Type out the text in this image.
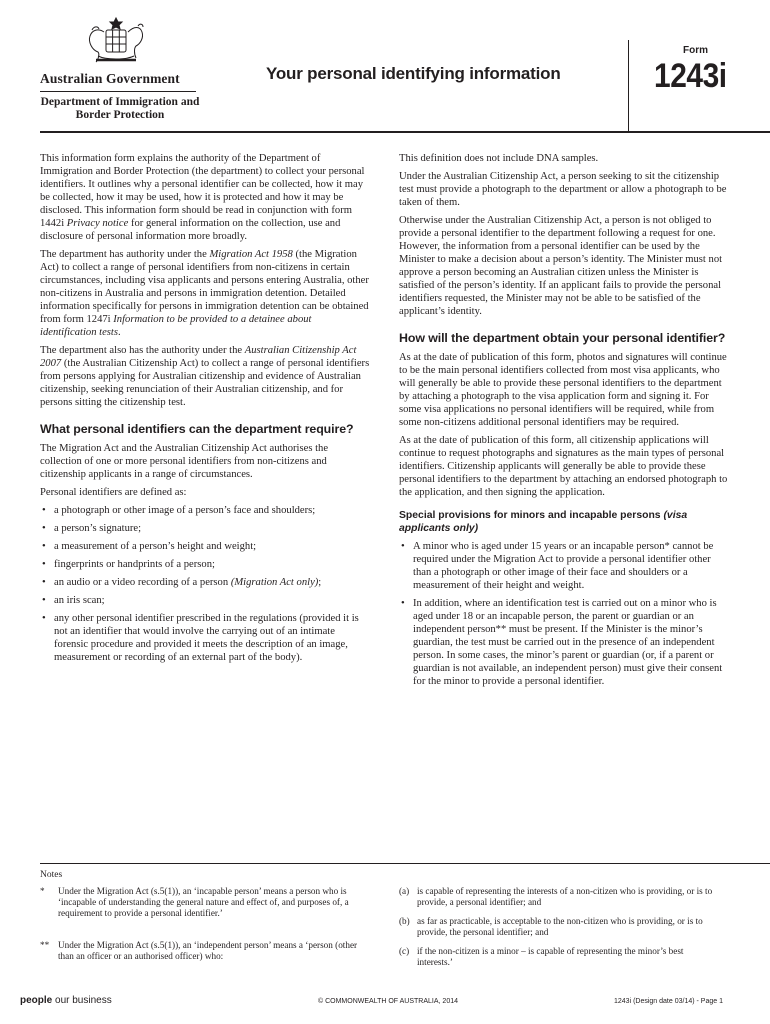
Australian Government
Department of Immigration and Border Protection
Your personal identifying information
Form
1243i

This information form explains the authority of the Department of Immigration and Border Protection (the department) to collect your personal identifiers. It outlines why a personal identifier can be collected, how it may be collected, how it may be used, how it is protected and how it may be disclosed. This information form should be read in conjunction with form 1442i Privacy notice for general information on the collection, use and disclosure of personal information more broadly.

The department has authority under the Migration Act 1958 (the Migration Act) to collect a range of personal identifiers from non-citizens in certain circumstances, including visa applicants and persons entering Australia, other non-citizens in Australia and persons in immigration detention. Detailed information specifically for persons in immigration detention can be obtained from form 1247i Information to be provided to a detainee about identification tests.

The department also has the authority under the Australian Citizenship Act 2007 (the Australian Citizenship Act) to collect a range of personal identifiers from persons applying for Australian citizenship and evidence of Australian citizenship, seeking renunciation of their Australian citizenship, and for persons sitting the citizenship test.

What personal identifiers can the department require?

The Migration Act and the Australian Citizenship Act authorises the collection of one or more personal identifiers from non-citizens and citizenship applicants in a range of circumstances.

Personal identifiers are defined as:

• a photograph or other image of a person’s face and shoulders;
• a person’s signature;
• a measurement of a person’s height and weight;
• fingerprints or handprints of a person;
• an audio or a video recording of a person (Migration Act only);
• an iris scan;
• any other personal identifier prescribed in the regulations (provided it is not an identifier that would involve the carrying out of an intimate forensic procedure and provided it meets the description of an image, measurement or recording of an external part of the body).

This definition does not include DNA samples.

Under the Australian Citizenship Act, a person seeking to sit the citizenship test must provide a photograph to the department or allow a photograph to be taken of them.

Otherwise under the Australian Citizenship Act, a person is not obliged to provide a personal identifier to the department following a request for one. However, the information from a personal identifier can be used by the Minister to make a decision about a person’s identity. The Minister must not approve a person becoming an Australian citizen unless the Minister is satisfied of the person’s identity. If an applicant fails to provide the personal identifiers requested, the Minister may not be able to be satisfied of the applicant’s identity.

How will the department obtain your personal identifier?

As at the date of publication of this form, photos and signatures will continue to be the main personal identifiers collected from most visa applicants, who will generally be able to provide these personal identifiers to the department by attaching a photograph to the visa application form and signing it. For some visa applications no personal identifiers will be required, while from some non-citizens additional personal identifiers may be required.

As at the date of publication of this form, all citizenship applications will continue to request photographs and signatures as the main types of personal identifiers. Citizenship applicants will generally be able to provide these personal identifiers to the department by attaching an endorsed photograph to the application, and then signing the application.

Special provisions for minors and incapable persons (visa applicants only)
• A minor who is aged under 15 years or an incapable person* cannot be required under the Migration Act to provide a personal identifier other than a photograph or other image of their face and shoulders or a measurement of their height and weight.
• In addition, where an identification test is carried out on a minor who is aged under 18 or an incapable person, the parent or guardian or an independent person** must be present. If the Minister is the minor’s guardian, the test must be carried out in the presence of an independent person. In some cases, the minor’s parent or guardian (or, if a parent or guardian is not available, an independent person) must give their consent for the minor to provide a personal identifier.
Notes
* Under the Migration Act (s.5(1)), an ‘incapable person’ means a person who is ‘incapable of understanding the general nature and effect of, and purposes of, a requirement to provide a personal identifier.’
** Under the Migration Act (s.5(1)), an ‘independent person’ means a ‘person (other than an officer or an authorised officer) who:
(a) is capable of representing the interests of a non-citizen who is providing, or is to provide, a personal identifier; and
(b) as far as practicable, is acceptable to the non-citizen who is providing, or is to provide, the personal identifier; and
(c) if the non-citizen is a minor – is capable of representing the minor’s best interests.’
people our business	© COMMONWEALTH OF AUSTRALIA, 2014	1243i (Design date 03/14) - Page 1
